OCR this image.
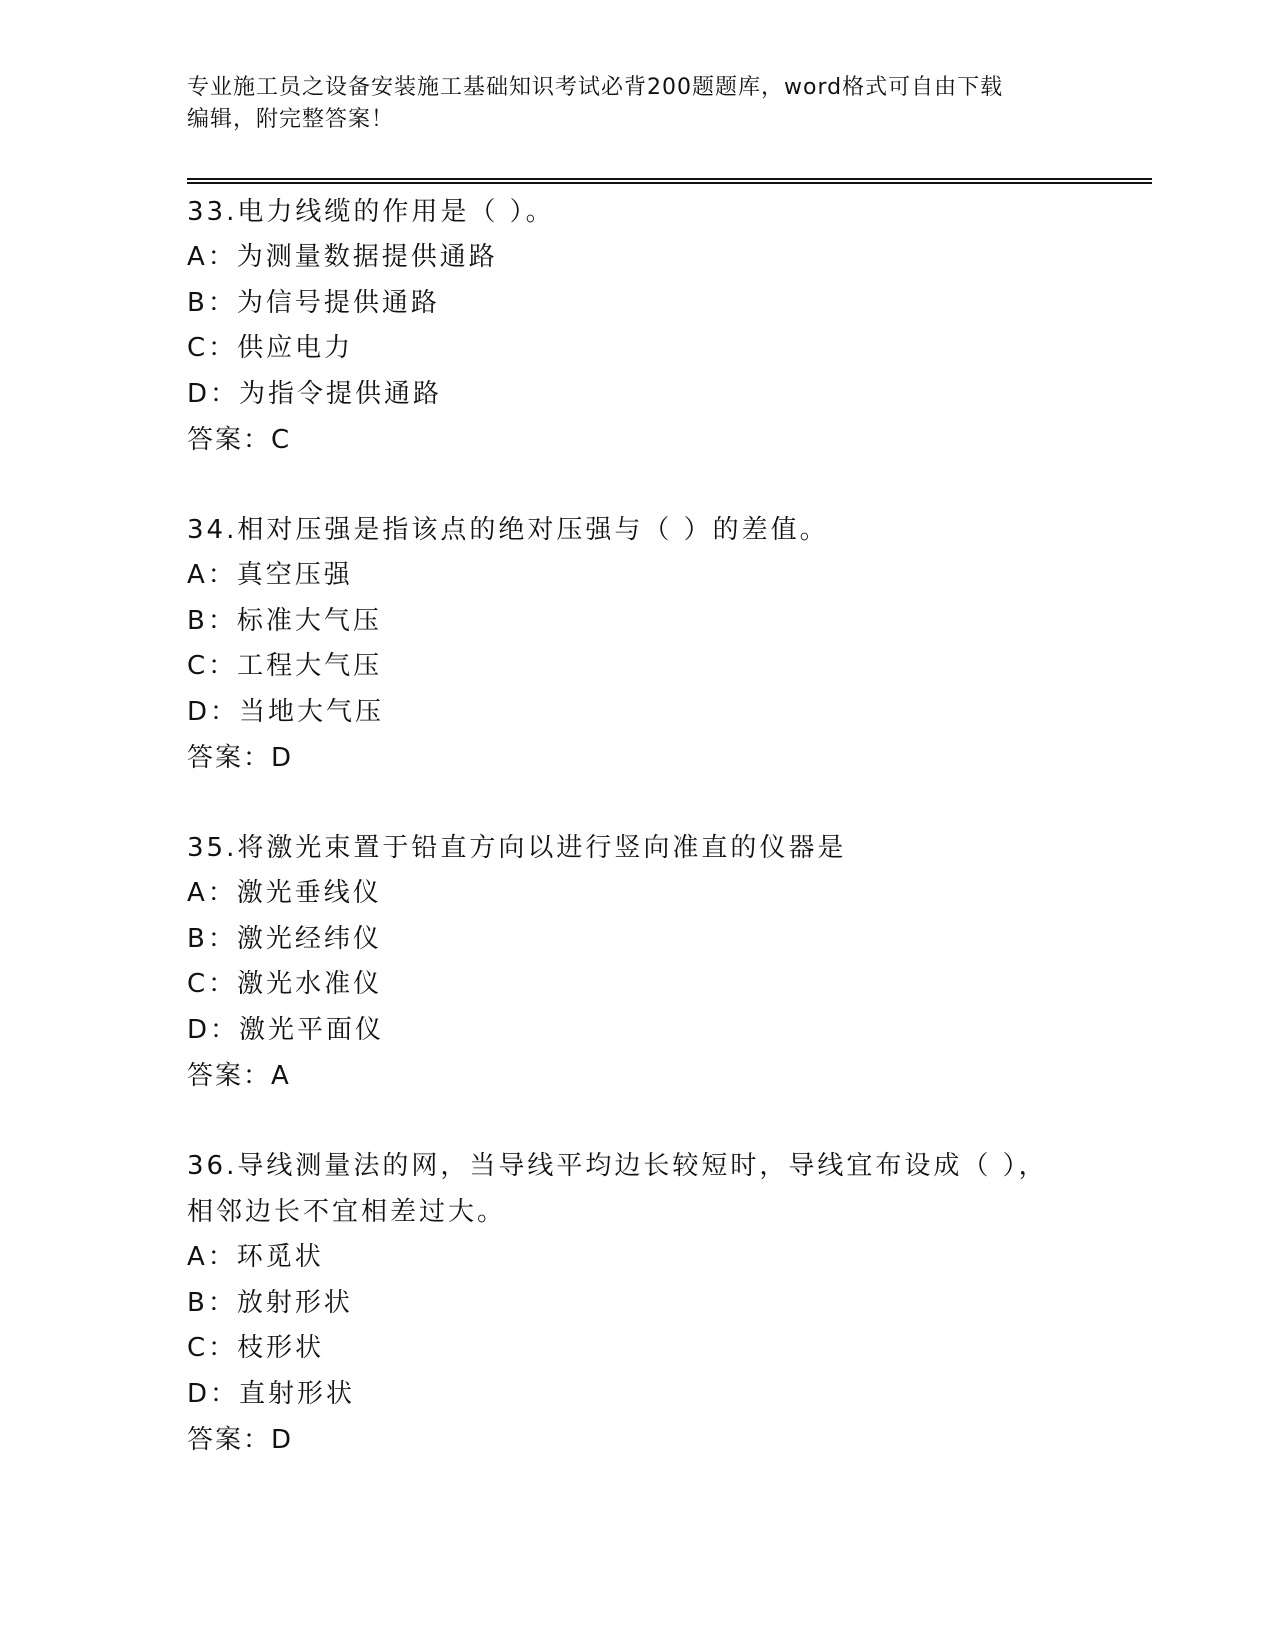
专业施工员之设备安装施工基础知识考试必背200题题库，word格式可自由下载
编辑，附完整答案！
33.电力线缆的作用是（ ）。
A：为测量数据提供通路
B：为信号提供通路
C：供应电力
D：为指令提供通路
答案：C
34.相对压强是指该点的绝对压强与（ ）的差值。
A：真空压强
B：标准大气压
C：工程大气压
D：当地大气压
答案：D
35.将激光束置于铅直方向以进行竖向准直的仪器是
A：激光垂线仪
B：激光经纬仪
C：激光水准仪
D：激光平面仪
答案：A
36.导线测量法的网，当导线平均边长较短时，导线宜布设成（ ），
相邻边长不宜相差过大。
A：环觅状
B：放射形状
C：枝形状
D：直射形状
答案：D
